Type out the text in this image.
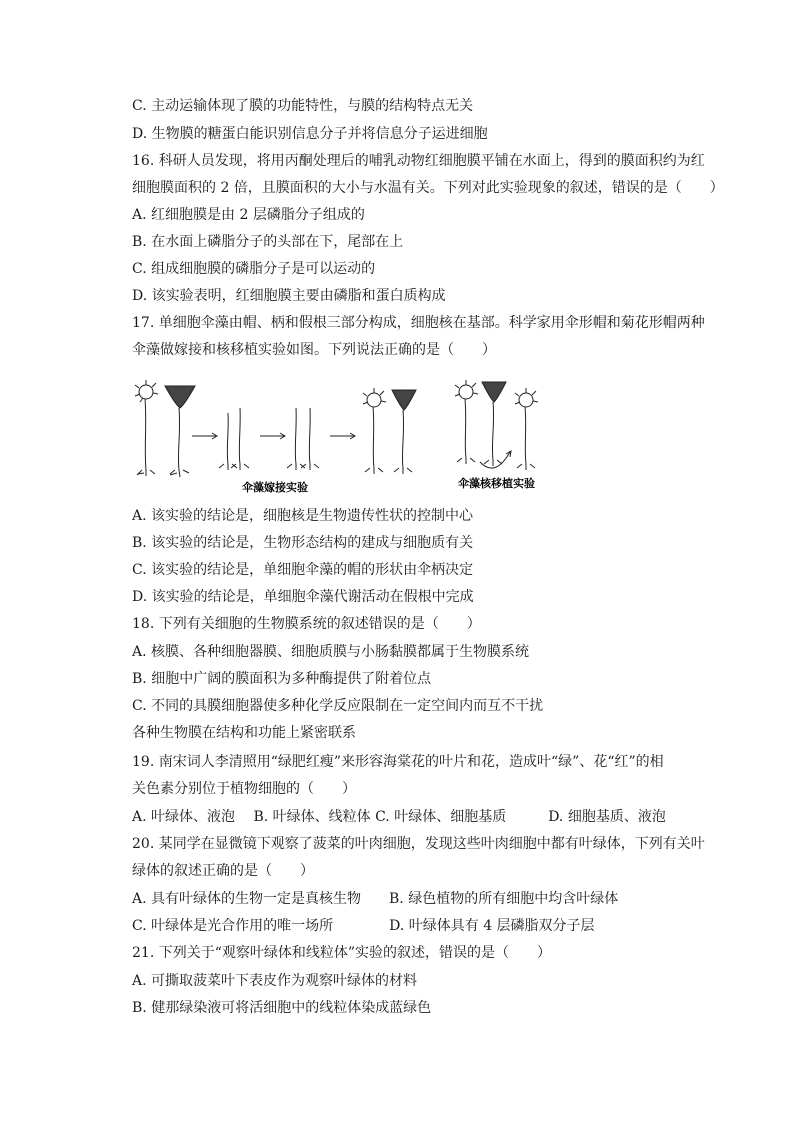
C. 主动运输体现了膜的功能特性，与膜的结构特点无关
D. 生物膜的糖蛋白能识别信息分子并将信息分子运进细胞
16. 科研人员发现，将用丙酮处理后的哺乳动物红细胞膜平铺在水面上，得到的膜面积约为红
细胞膜面积的 2 倍，且膜面积的大小与水温有关。下列对此实验现象的叙述，错误的是（　　）
A. 红细胞膜是由 2 层磷脂分子组成的
B. 在水面上磷脂分子的头部在下，尾部在上
C. 组成细胞膜的磷脂分子是可以运动的
D. 该实验表明，红细胞膜主要由磷脂和蛋白质构成
17. 单细胞伞藻由帽、柄和假根三部分构成，细胞核在基部。科学家用伞形帽和菊花形帽两种
伞藻做嫁接和核移植实验如图。下列说法正确的是（　　）
伞藻嫁接实验	伞藻核移植实验
A. 该实验的结论是，细胞核是生物遗传性状的控制中心
B. 该实验的结论是，生物形态结构的建成与细胞质有关
C. 该实验的结论是，单细胞伞藻的帽的形状由伞柄决定
D. 该实验的结论是，单细胞伞藻代谢活动在假根中完成
18. 下列有关细胞的生物膜系统的叙述错误的是（　　）
A. 核膜、各种细胞器膜、细胞质膜与小肠黏膜都属于生物膜系统
B. 细胞中广阔的膜面积为多种酶提供了附着位点
C. 不同的具膜细胞器使多种化学反应限制在一定空间内而互不干扰
各种生物膜在结构和功能上紧密联系
19. 南宋词人李清照用“绿肥红瘦”来形容海棠花的叶片和花，造成叶“绿”、花“红”的相
关色素分别位于植物细胞的（　　）
A. 叶绿体、液泡　 B. 叶绿体、线粒体 C. 叶绿体、细胞基质　　　D. 细胞基质、液泡
20. 某同学在显微镜下观察了菠菜的叶肉细胞，发现这些叶肉细胞中都有叶绿体，下列有关叶
绿体的叙述正确的是（　　）
A. 具有叶绿体的生物一定是真核生物　　B. 绿色植物的所有细胞中均含叶绿体
C. 叶绿体是光合作用的唯一场所　　　　D. 叶绿体具有 4 层磷脂双分子层
21. 下列关于“观察叶绿体和线粒体”实验的叙述，错误的是（　　）
A. 可撕取菠菜叶下表皮作为观察叶绿体的材料
B. 健那绿染液可将活细胞中的线粒体染成蓝绿色
